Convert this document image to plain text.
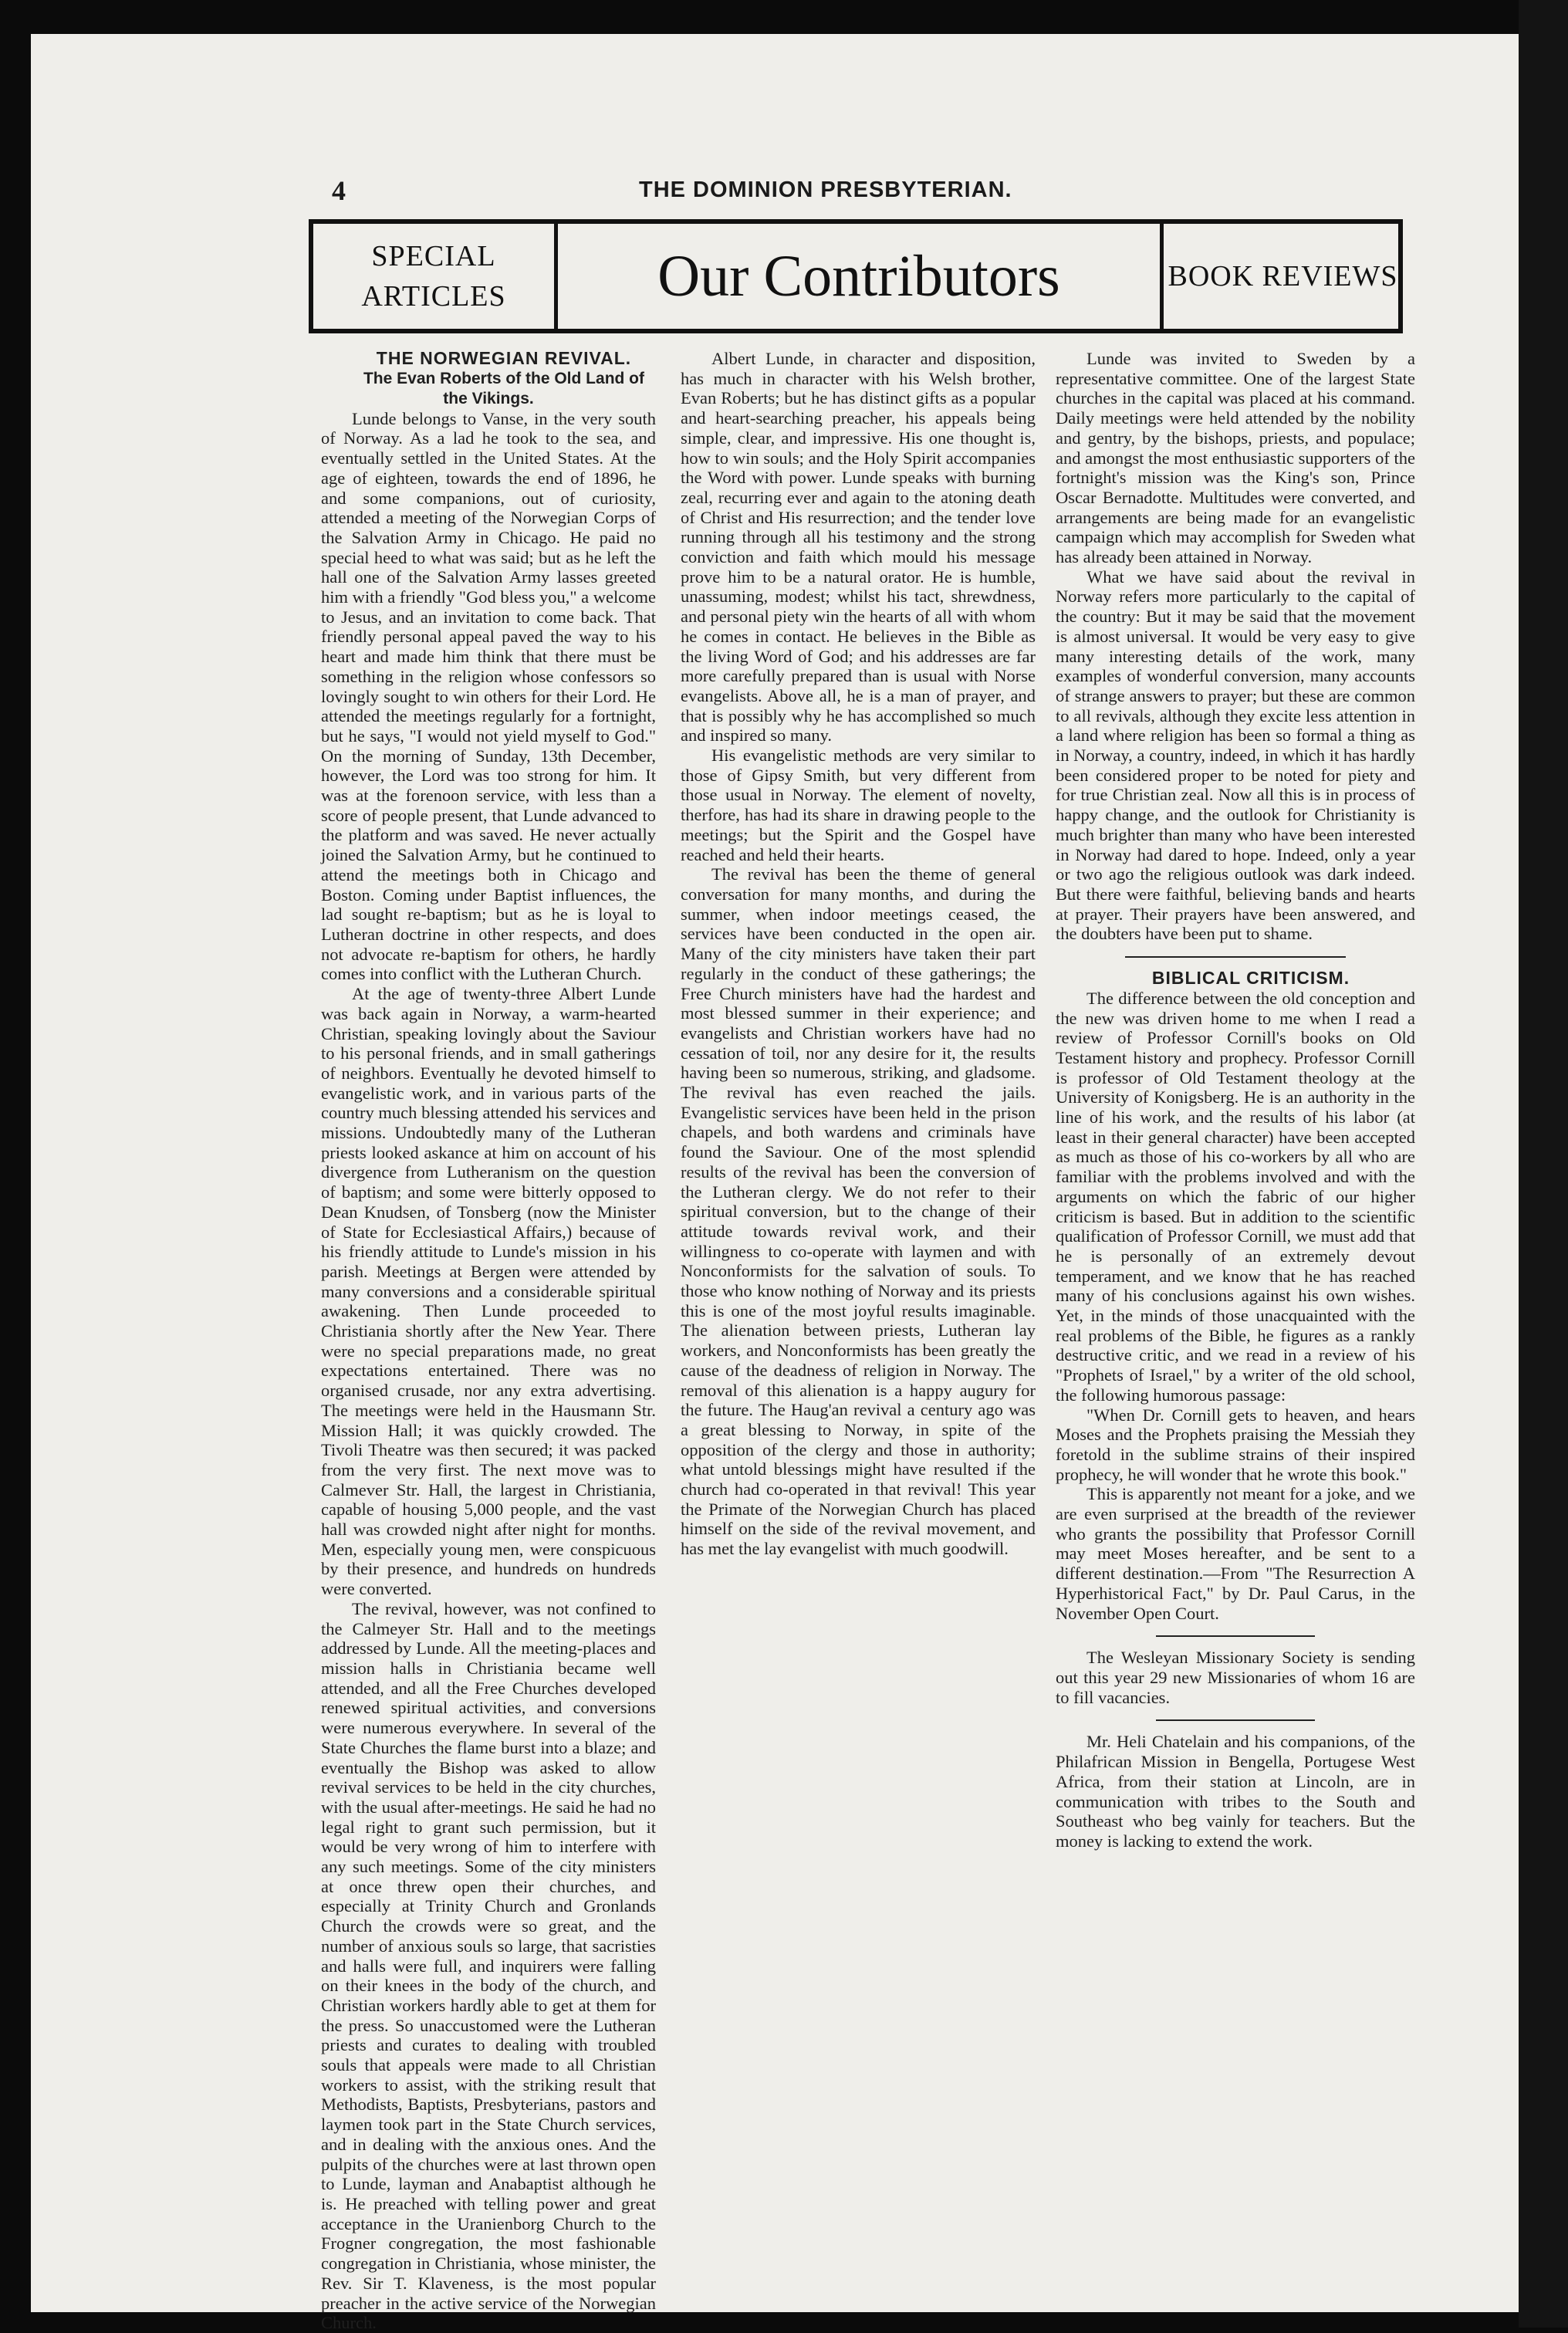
4	THE DOMINION PRESBYTERIAN.
SPECIAL ARTICLES	Our Contributors	BOOK REVIEWS

THE NORWEGIAN REVIVAL.

The Evan Roberts of the Old Land of the Vikings.

Lunde belongs to Vanse, in the very south of Norway. As a lad he took to the sea, and eventually settled in the United States. At the age of eighteen, towards the end of 1896, he and some companions, out of curiosity, attended a meeting of the Norwegian Corps of the Salvation Army in Chicago. He paid no special heed to what was said; but as he left the hall one of the Salvation Army lasses greeted him with a friendly "God bless you," a welcome to Jesus, and an invitation to come back. That friendly personal appeal paved the way to his heart and made him think that there must be something in the religion whose confessors so lovingly sought to win others for their Lord. He attended the meetings regularly for a fortnight, but he says, "I would not yield myself to God." On the morning of Sunday, 13th December, however, the Lord was too strong for him. It was at the forenoon service, with less than a score of people present, that Lunde advanced to the platform and was saved. He never actually joined the Salvation Army, but he continued to attend the meetings both in Chicago and Boston. Coming under Baptist influences, the lad sought re-baptism; but as he is loyal to Lutheran doctrine in other respects, and does not advocate re-baptism for others, he hardly comes into conflict with the Lutheran Church.

At the age of twenty-three Albert Lunde was back again in Norway, a warm-hearted Christian, speaking lovingly about the Saviour to his personal friends, and in small gatherings of neighbors. Eventually he devoted himself to evangelistic work, and in various parts of the country much blessing attended his services and missions. Undoubtedly many of the Lutheran priests looked askance at him on account of his divergence from Lutheranism on the question of baptism; and some were bitterly opposed to Dean Knudsen, of Tonsberg (now the Minister of State for Ecclesiastical Affairs,) because of his friendly attitude to Lunde's mission in his parish. Meetings at Bergen were attended by many conversions and a considerable spiritual awakening. Then Lunde proceeded to Christiania shortly after the New Year. There were no special preparations made, no great expectations entertained. There was no organised crusade, nor any extra advertising. The meetings were held in the Hausmann Str. Mission Hall; it was quickly crowded. The Tivoli Theatre was then secured; it was packed from the very first. The next move was to Calmever Str. Hall, the largest in Christiania, capable of housing 5,000 people, and the vast hall was crowded night after night for months. Men, especially young men, were conspicuous by their presence, and hundreds on hundreds were converted.

The revival, however, was not confined to the Calmeyer Str. Hall and to the meetings addressed by Lunde. All the meeting-places and mission halls in Christiania became well attended, and all the Free Churches developed renewed spiritual activities, and conversions were numerous everywhere. In several of the State Churches the flame burst into a blaze; and eventually the Bishop was asked to allow revival services to be held in the city churches, with the usual after-meetings. He said he had no legal right to grant such permission, but it would be very wrong of him to interfere with any such meetings. Some of the city ministers at once threw open their churches, and especially at Trinity Church and Gronlands Church the crowds were so great, and the number of anxious souls so large, that sacristies and halls were full, and inquirers were falling on their knees in the body of the church, and Christian workers hardly able to get at them for the press. So unaccustomed were the Lutheran priests and curates to dealing with troubled souls that appeals were made to all Christian workers to assist, with the striking result that Methodists, Baptists, Presbyterians, pastors and laymen took part in the State Church services, and in dealing with the anxious ones. And the pulpits of the churches were at last thrown open to Lunde, layman and Anabaptist although he is. He preached with telling power and great acceptance in the Uranienborg Church to the Frogner congregation, the most fashionable congregation in Christiania, whose minister, the Rev. Sir T. Klaveness, is the most popular preacher in the active service of the Norwegian Church.

Albert Lunde, in character and disposition, has much in character with his Welsh brother, Evan Roberts; but he has distinct gifts as a popular and heart-searching preacher, his appeals being simple, clear, and impressive. His one thought is, how to win souls; and the Holy Spirit accompanies the Word with power. Lunde speaks with burning zeal, recurring ever and again to the atoning death of Christ and His resurrection; and the tender love running through all his testimony and the strong conviction and faith which mould his message prove him to be a natural orator. He is humble, unassuming, modest; whilst his tact, shrewdness, and personal piety win the hearts of all with whom he comes in contact. He believes in the Bible as the living Word of God; and his addresses are far more carefully prepared than is usual with Norse evangelists. Above all, he is a man of prayer, and that is possibly why he has accomplished so much and inspired so many.

His evangelistic methods are very similar to those of Gipsy Smith, but very different from those usual in Norway. The element of novelty, therfore, has had its share in drawing people to the meetings; but the Spirit and the Gospel have reached and held their hearts.

The revival has been the theme of general conversation for many months, and during the summer, when indoor meetings ceased, the services have been conducted in the open air. Many of the city ministers have taken their part regularly in the conduct of these gatherings; the Free Church ministers have had the hardest and most blessed summer in their experience; and evangelists and Christian workers have had no cessation of toil, nor any desire for it, the results having been so numerous, striking, and gladsome. The revival has even reached the jails. Evangelistic services have been held in the prison chapels, and both wardens and criminals have found the Saviour. One of the most splendid results of the revival has been the conversion of the Lutheran clergy. We do not refer to their spiritual conversion, but to the change of their attitude towards revival work, and their willingness to co-operate with laymen and with Nonconformists for the salvation of souls. To those who know nothing of Norway and its priests this is one of the most joyful results imaginable. The alienation between priests, Lutheran lay workers, and Nonconformists has been greatly the cause of the deadness of religion in Norway. The removal of this alienation is a happy augury for the future. The Haug'an revival a century ago was a great blessing to Norway, in spite of the opposition of the clergy and those in authority; what untold blessings might have resulted if the church had co-operated in that revival! This year the Primate of the Norwegian Church has placed himself on the side of the revival movement, and has met the lay evangelist with much goodwill.

Lunde was invited to Sweden by a representative committee. One of the largest State churches in the capital was placed at his command. Daily meetings were held attended by the nobility and gentry, by the bishops, priests, and populace; and amongst the most enthusiastic supporters of the fortnight's mission was the King's son, Prince Oscar Bernadotte. Multitudes were converted, and arrangements are being made for an evangelistic campaign which may accomplish for Sweden what has already been attained in Norway.

What we have said about the revival in Norway refers more particularly to the capital of the country: But it may be said that the movement is almost universal. It would be very easy to give many interesting details of the work, many examples of wonderful conversion, many accounts of strange answers to prayer; but these are common to all revivals, although they excite less attention in a land where religion has been so formal a thing as in Norway, a country, indeed, in which it has hardly been considered proper to be noted for piety and for true Christian zeal. Now all this is in process of happy change, and the outlook for Christianity is much brighter than many who have been interested in Norway had dared to hope. Indeed, only a year or two ago the religious outlook was dark indeed. But there were faithful, believing bands and hearts at prayer. Their prayers have been answered, and the doubters have been put to shame.

BIBLICAL CRITICISM.

The difference between the old conception and the new was driven home to me when I read a review of Professor Cornill's books on Old Testament history and prophecy. Professor Cornill is professor of Old Testament theology at the University of Konigsberg. He is an authority in the line of his work, and the results of his labor (at least in their general character) have been accepted as much as those of his co-workers by all who are familiar with the problems involved and with the arguments on which the fabric of our higher criticism is based. But in addition to the scientific qualification of Professor Cornill, we must add that he is personally of an extremely devout temperament, and we know that he has reached many of his conclusions against his own wishes. Yet, in the minds of those unacquainted with the real problems of the Bible, he figures as a rankly destructive critic, and we read in a review of his "Prophets of Israel," by a writer of the old school, the following humorous passage:

"When Dr. Cornill gets to heaven, and hears Moses and the Prophets praising the Messiah they foretold in the sublime strains of their inspired prophecy, he will wonder that he wrote this book."

This is apparently not meant for a joke, and we are even surprised at the breadth of the reviewer who grants the possibility that Professor Cornill may meet Moses hereafter, and be sent to a different destination.—From "The Resurrection A Hyperhistorical Fact," by Dr. Paul Carus, in the November Open Court.

The Wesleyan Missionary Society is sending out this year 29 new Missionaries of whom 16 are to fill vacancies.

Mr. Heli Chatelain and his companions, of the Philafrican Mission in Bengella, Portugese West Africa, from their station at Lincoln, are in communication with tribes to the South and Southeast who beg vainly for teachers. But the money is lacking to extend the work.
